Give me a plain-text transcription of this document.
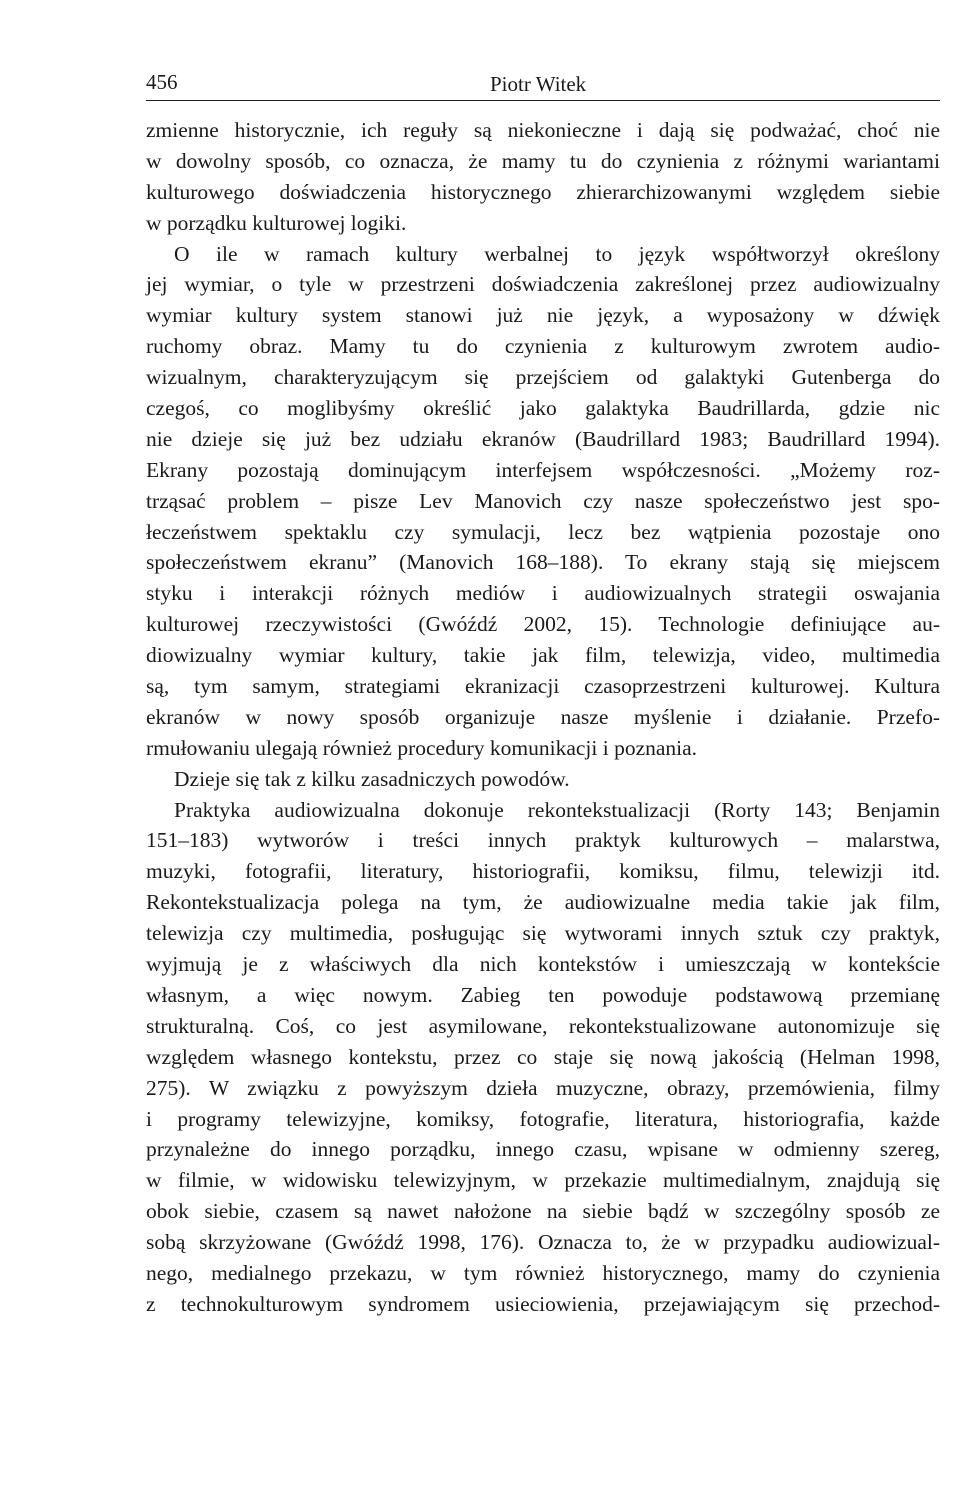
456	Piotr Witek
zmienne historycznie, ich reguły są niekonieczne i dają się podważać, choć nie
w dowolny sposób, co oznacza, że mamy tu do czynienia z różnymi wariantami
kulturowego doświadczenia historycznego zhierarchizowanymi względem siebie
w porządku kulturowej logiki.
O ile w ramach kultury werbalnej to język współtworzył określony
jej wymiar, o tyle w przestrzeni doświadczenia zakreślonej przez audiowizualny
wymiar kultury system stanowi już nie język, a wyposażony w dźwięk
ruchomy obraz. Mamy tu do czynienia z kulturowym zwrotem audio-
wizualnym, charakteryzującym się przejściem od galaktyki Gutenberga do
czegoś, co moglibyśmy określić jako galaktyka Baudrillarda, gdzie nic
nie dzieje się już bez udziału ekranów (Baudrillard 1983; Baudrillard 1994).
Ekrany pozostają dominującym interfejsem współczesności. „Możemy roz-
trząsać problem – pisze Lev Manovich czy nasze społeczeństwo jest spo-
łeczeństwem spektaklu czy symulacji, lecz bez wątpienia pozostaje ono
społeczeństwem ekranu” (Manovich 168–188). To ekrany stają się miejscem
styku i interakcji różnych mediów i audiowizualnych strategii oswajania
kulturowej rzeczywistości (Gwóźdź 2002, 15). Technologie definiujące au-
diowizualny wymiar kultury, takie jak film, telewizja, video, multimedia
są, tym samym, strategiami ekranizacji czasoprzestrzeni kulturowej. Kultura
ekranów w nowy sposób organizuje nasze myślenie i działanie. Przefo-
rmułowaniu ulegają również procedury komunikacji i poznania.
Dzieje się tak z kilku zasadniczych powodów.
Praktyka audiowizualna dokonuje rekontekstualizacji (Rorty 143; Benjamin
151–183) wytworów i treści innych praktyk kulturowych – malarstwa,
muzyki, fotografii, literatury, historiografii, komiksu, filmu, telewizji itd.
Rekontekstualizacja polega na tym, że audiowizualne media takie jak film,
telewizja czy multimedia, posługując się wytworami innych sztuk czy praktyk,
wyjmują je z właściwych dla nich kontekstów i umieszczają w kontekście
własnym, a więc nowym. Zabieg ten powoduje podstawową przemianę
strukturalną. Coś, co jest asymilowane, rekontekstualizowane autonomizuje się
względem własnego kontekstu, przez co staje się nową jakością (Helman 1998,
275). W związku z powyższym dzieła muzyczne, obrazy, przemówienia, filmy
i programy telewizyjne, komiksy, fotografie, literatura, historiografia, każde
przynależne do innego porządku, innego czasu, wpisane w odmienny szereg,
w filmie, w widowisku telewizyjnym, w przekazie multimedialnym, znajdują się
obok siebie, czasem są nawet nałożone na siebie bądź w szczególny sposób ze
sobą skrzyżowane (Gwóźdź 1998, 176). Oznacza to, że w przypadku audiowizual-
nego, medialnego przekazu, w tym również historycznego, mamy do czynienia
z technokulturowym syndromem usieciowienia, przejawiającym się przechod-
